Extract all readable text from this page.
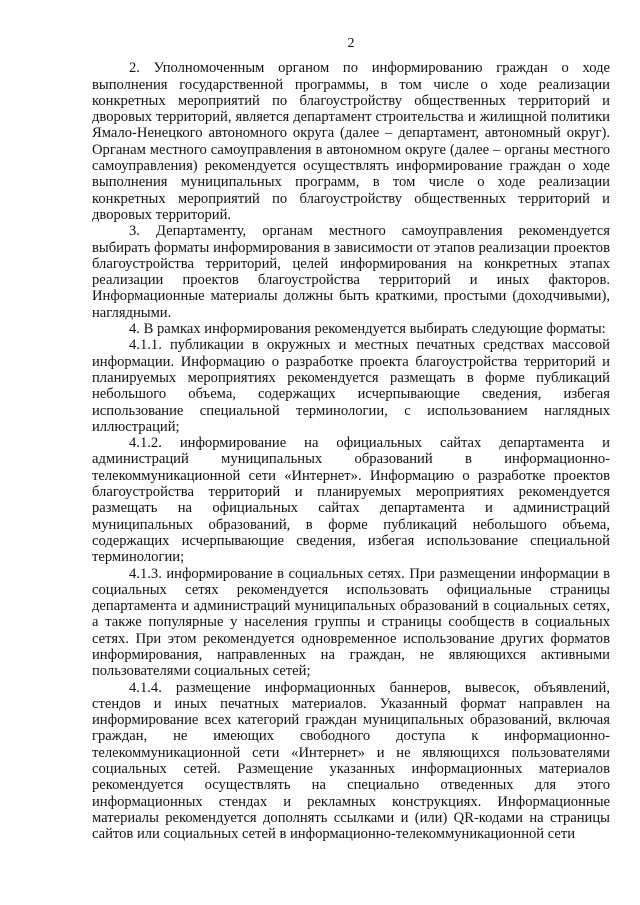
2

2. Уполномоченным органом по информированию граждан о ходе выполнения государственной программы, в том числе о ходе реализации конкретных мероприятий по благоустройству общественных территорий и дворовых территорий, является департамент строительства и жилищной политики Ямало-Ненецкого автономного округа (далее – департамент, автономный округ). Органам местного самоуправления в автономном округе (далее – органы местного самоуправления) рекомендуется осуществлять информирование граждан о ходе выполнения муниципальных программ, в том числе о ходе реализации конкретных мероприятий по благоустройству общественных территорий и дворовых территорий.

3. Департаменту, органам местного самоуправления рекомендуется выбирать форматы информирования в зависимости от этапов реализации проектов благоустройства территорий, целей информирования на конкретных этапах реализации проектов благоустройства территорий и иных факторов. Информационные материалы должны быть краткими, простыми (доходчивыми), наглядными.

4. В рамках информирования рекомендуется выбирать следующие форматы:

4.1.1. публикации в окружных и местных печатных средствах массовой информации. Информацию о разработке проекта благоустройства территорий и планируемых мероприятиях рекомендуется размещать в форме публикаций небольшого объема, содержащих исчерпывающие сведения, избегая использование специальной терминологии, с использованием наглядных иллюстраций;

4.1.2. информирование на официальных сайтах департамента и администраций муниципальных образований в информационно-телекоммуникационной сети «Интернет». Информацию о разработке проектов благоустройства территорий и планируемых мероприятиях рекомендуется размещать на официальных сайтах департамента и администраций муниципальных образований, в форме публикаций небольшого объема, содержащих исчерпывающие сведения, избегая использование специальной терминологии;

4.1.3. информирование в социальных сетях. При размещении информации в социальных сетях рекомендуется использовать официальные страницы департамента и администраций муниципальных образований в социальных сетях, а также популярные у населения группы и страницы сообществ в социальных сетях. При этом рекомендуется одновременное использование других форматов информирования, направленных на граждан, не являющихся активными пользователями социальных сетей;

4.1.4. размещение информационных баннеров, вывесок, объявлений, стендов и иных печатных материалов. Указанный формат направлен на информирование всех категорий граждан муниципальных образований, включая граждан, не имеющих свободного доступа к информационно-телекоммуникационной сети «Интернет» и не являющихся пользователями социальных сетей. Размещение указанных информационных материалов рекомендуется осуществлять на специально отведенных для этого информационных стендах и рекламных конструкциях. Информационные материалы рекомендуется дополнять ссылками и (или) QR-кодами на страницы сайтов или социальных сетей в информационно-телекоммуникационной сети
